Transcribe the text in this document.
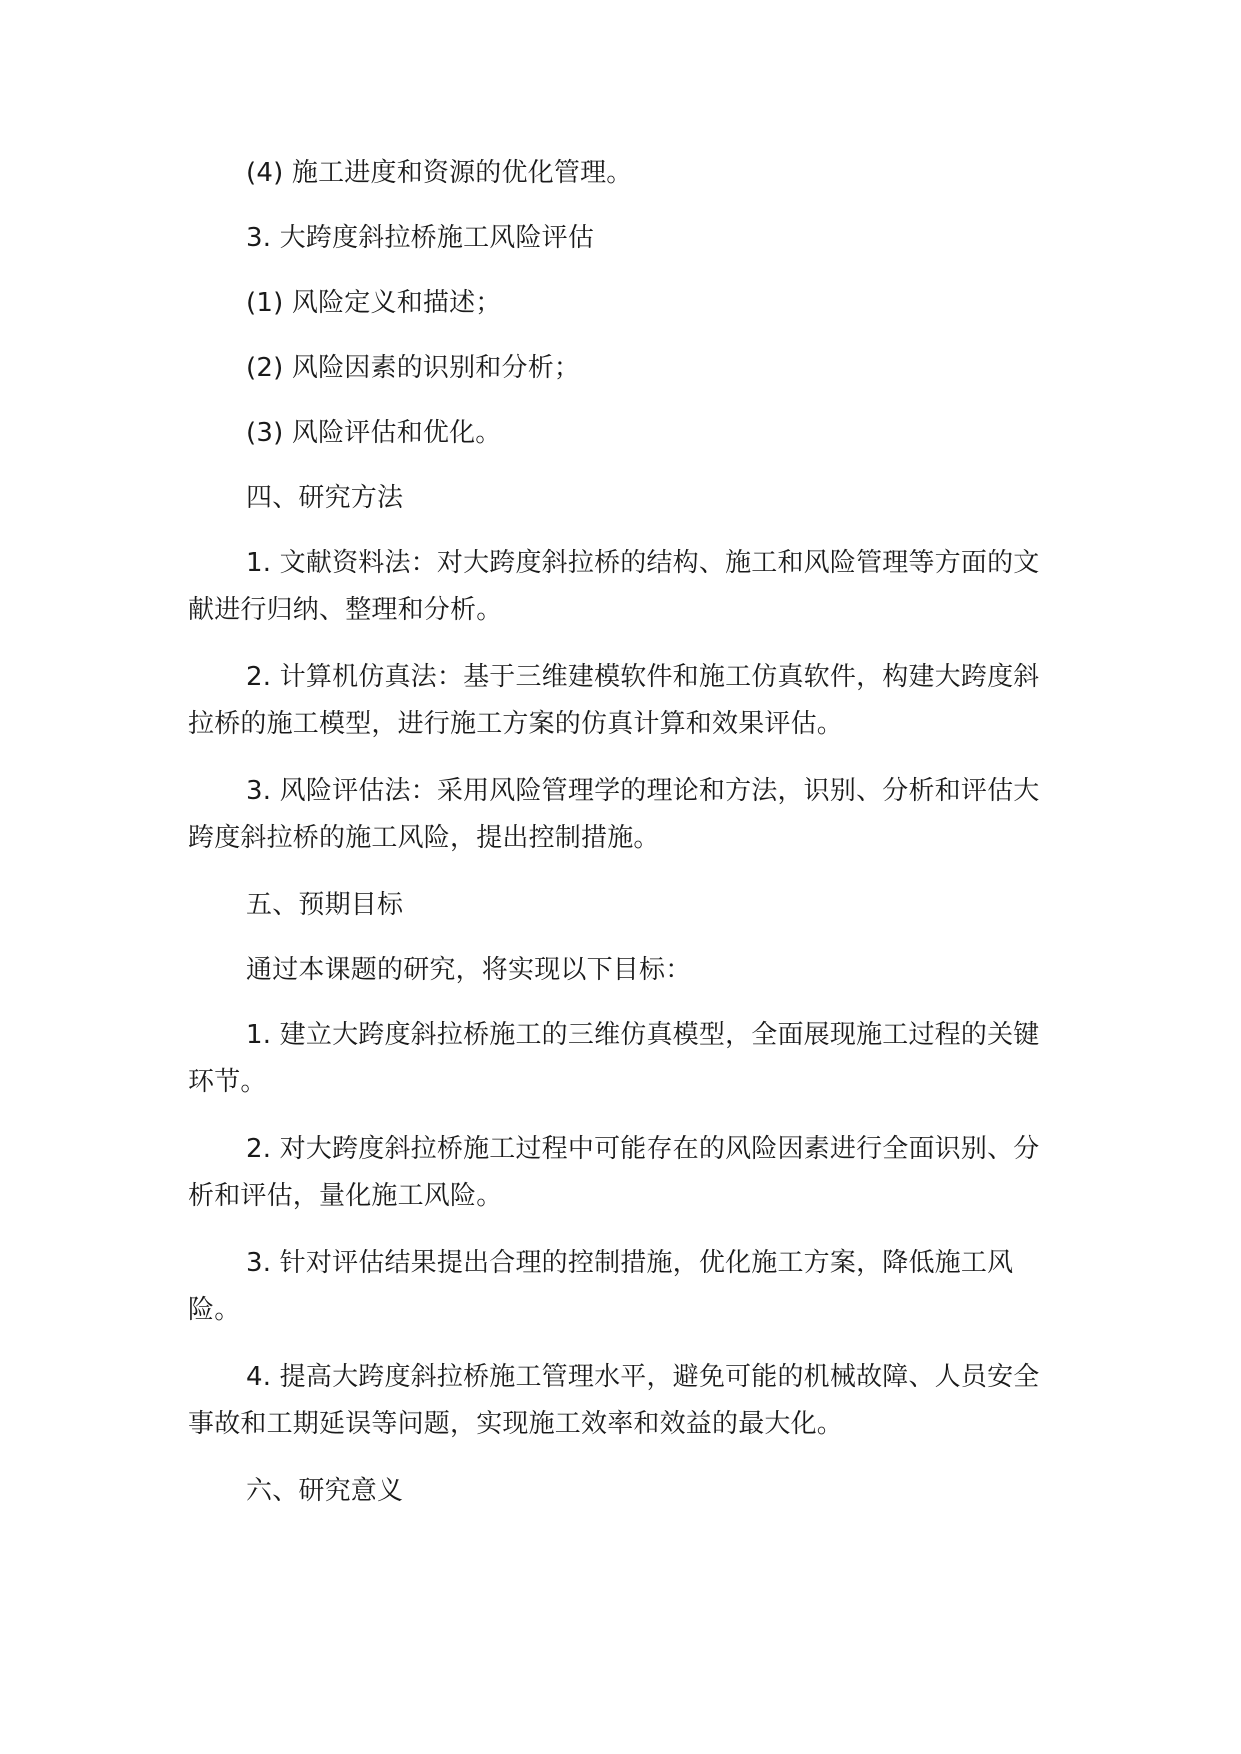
(4) 施工进度和资源的优化管理。

3. 大跨度斜拉桥施工风险评估

(1) 风险定义和描述；

(2) 风险因素的识别和分析；

(3) 风险评估和优化。

四、研究方法

1. 文献资料法：对大跨度斜拉桥的结构、施工和风险管理等方面的文献进行归纳、整理和分析。

2. 计算机仿真法：基于三维建模软件和施工仿真软件，构建大跨度斜拉桥的施工模型，进行施工方案的仿真计算和效果评估。

3. 风险评估法：采用风险管理学的理论和方法，识别、分析和评估大跨度斜拉桥的施工风险，提出控制措施。

五、预期目标

通过本课题的研究，将实现以下目标：

1. 建立大跨度斜拉桥施工的三维仿真模型，全面展现施工过程的关键环节。

2. 对大跨度斜拉桥施工过程中可能存在的风险因素进行全面识别、分析和评估，量化施工风险。

3. 针对评估结果提出合理的控制措施，优化施工方案，降低施工风险。

4. 提高大跨度斜拉桥施工管理水平，避免可能的机械故障、人员安全事故和工期延误等问题，实现施工效率和效益的最大化。

六、研究意义
